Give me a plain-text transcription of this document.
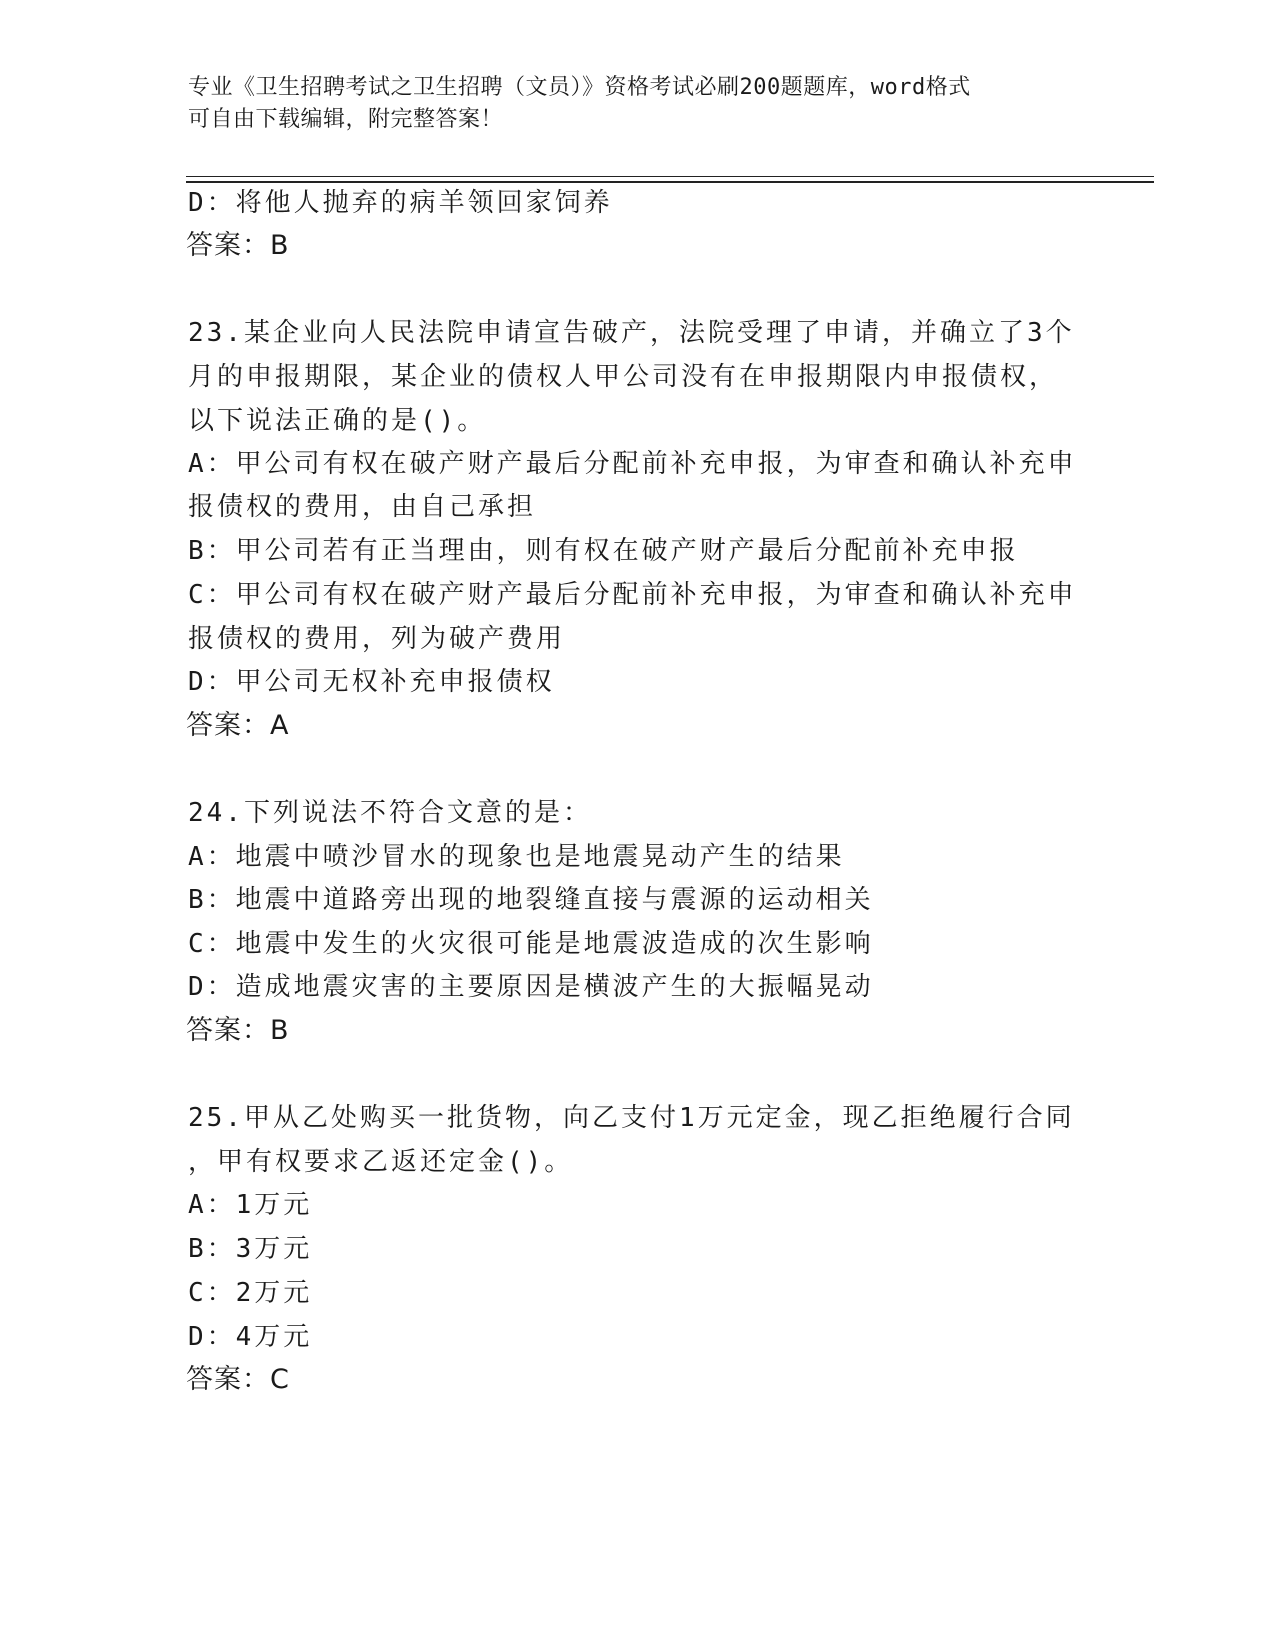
专业《卫生招聘考试之卫生招聘（文员）》资格考试必刷200题题库，word格式
可自由下载编辑，附完整答案！
D：将他人抛弃的病羊领回家饲养
答案：B
23.某企业向人民法院申请宣告破产，法院受理了申请，并确立了3个
月的申报期限，某企业的债权人甲公司没有在申报期限内申报债权，
以下说法正确的是()。
A：甲公司有权在破产财产最后分配前补充申报，为审查和确认补充申
报债权的费用，由自己承担
B：甲公司若有正当理由，则有权在破产财产最后分配前补充申报
C：甲公司有权在破产财产最后分配前补充申报，为审查和确认补充申
报债权的费用，列为破产费用
D：甲公司无权补充申报债权
答案：A
24.下列说法不符合文意的是：
A：地震中喷沙冒水的现象也是地震晃动产生的结果
B：地震中道路旁出现的地裂缝直接与震源的运动相关
C：地震中发生的火灾很可能是地震波造成的次生影响
D：造成地震灾害的主要原因是横波产生的大振幅晃动
答案：B
25.甲从乙处购买一批货物，向乙支付1万元定金，现乙拒绝履行合同
，甲有权要求乙返还定金()。
A：1万元
B：3万元
C：2万元
D：4万元
答案：C
